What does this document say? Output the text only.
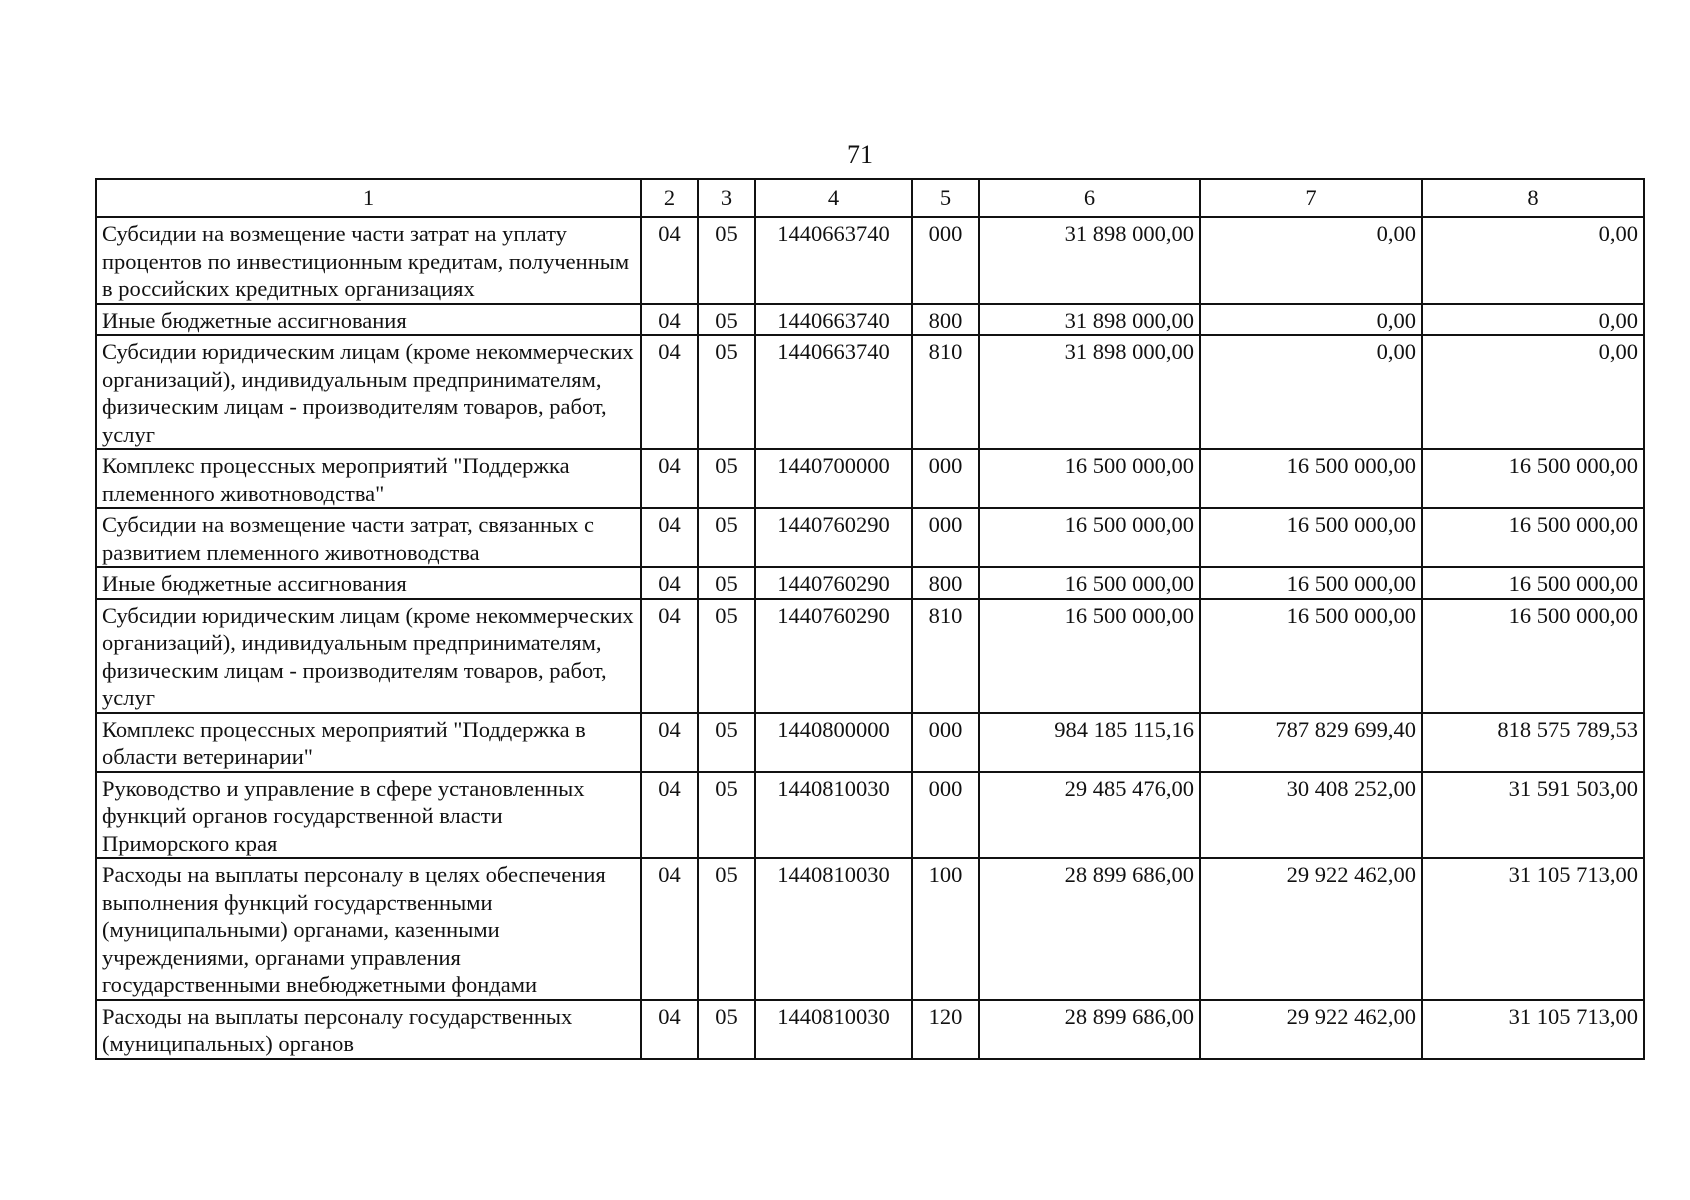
71
1	2	3	4	5	6	7	8
Субсидии на возмещение части затрат на уплату процентов по инвестиционным кредитам, полученным в российских кредитных организациях	04	05	1440663740	000	31 898 000,00	0,00	0,00
Иные бюджетные ассигнования	04	05	1440663740	800	31 898 000,00	0,00	0,00
Субсидии юридическим лицам (кроме некоммерческих организаций), индивидуальным предпринимателям, физическим лицам - производителям товаров, работ, услуг	04	05	1440663740	810	31 898 000,00	0,00	0,00
Комплекс процессных мероприятий "Поддержка племенного животноводства"	04	05	1440700000	000	16 500 000,00	16 500 000,00	16 500 000,00
Субсидии на возмещение части затрат, связанных с развитием племенного животноводства	04	05	1440760290	000	16 500 000,00	16 500 000,00	16 500 000,00
Иные бюджетные ассигнования	04	05	1440760290	800	16 500 000,00	16 500 000,00	16 500 000,00
Субсидии юридическим лицам (кроме некоммерческих организаций), индивидуальным предпринимателям, физическим лицам - производителям товаров, работ, услуг	04	05	1440760290	810	16 500 000,00	16 500 000,00	16 500 000,00
Комплекс процессных мероприятий "Поддержка в области ветеринарии"	04	05	1440800000	000	984 185 115,16	787 829 699,40	818 575 789,53
Руководство и управление в сфере установленных функций органов государственной власти Приморского края	04	05	1440810030	000	29 485 476,00	30 408 252,00	31 591 503,00
Расходы на выплаты персоналу в целях обеспечения выполнения функций государственными (муниципальными) органами, казенными учреждениями, органами управления государственными внебюджетными фондами	04	05	1440810030	100	28 899 686,00	29 922 462,00	31 105 713,00
Расходы на выплаты персоналу государственных (муниципальных) органов	04	05	1440810030	120	28 899 686,00	29 922 462,00	31 105 713,00
